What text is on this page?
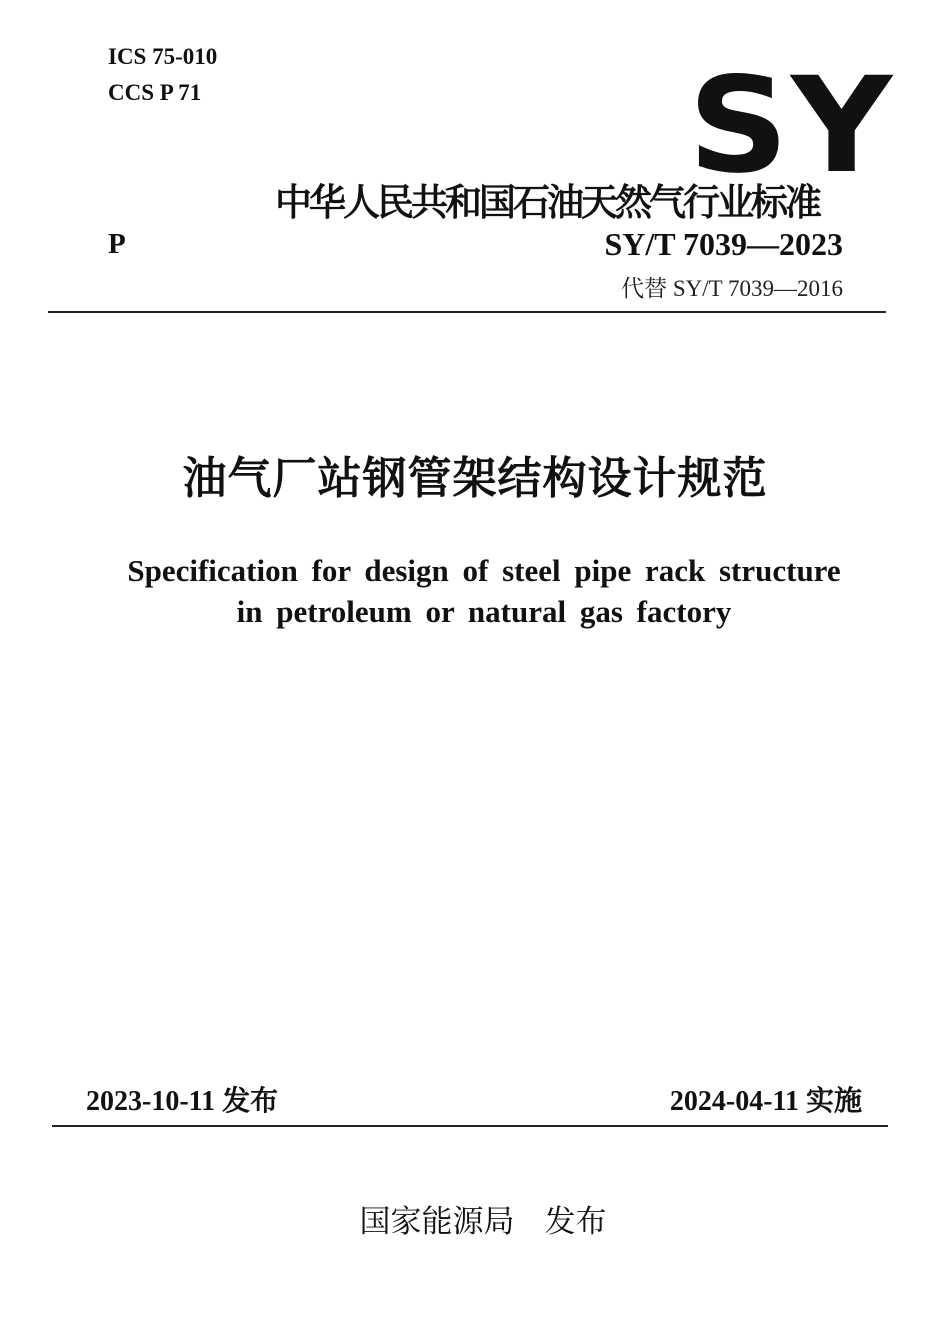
ICS 75-010
CCS P 71	SY
中华人民共和国石油天然气行业标准
P	SY/T 7039—2023
代替 SY/T 7039—2016
油气厂站钢管架结构设计规范
Specification for design of steel pipe rack structure
in petroleum or natural gas factory
2023-10-11 发布	2024-04-11 实施
国家能源局 发布
